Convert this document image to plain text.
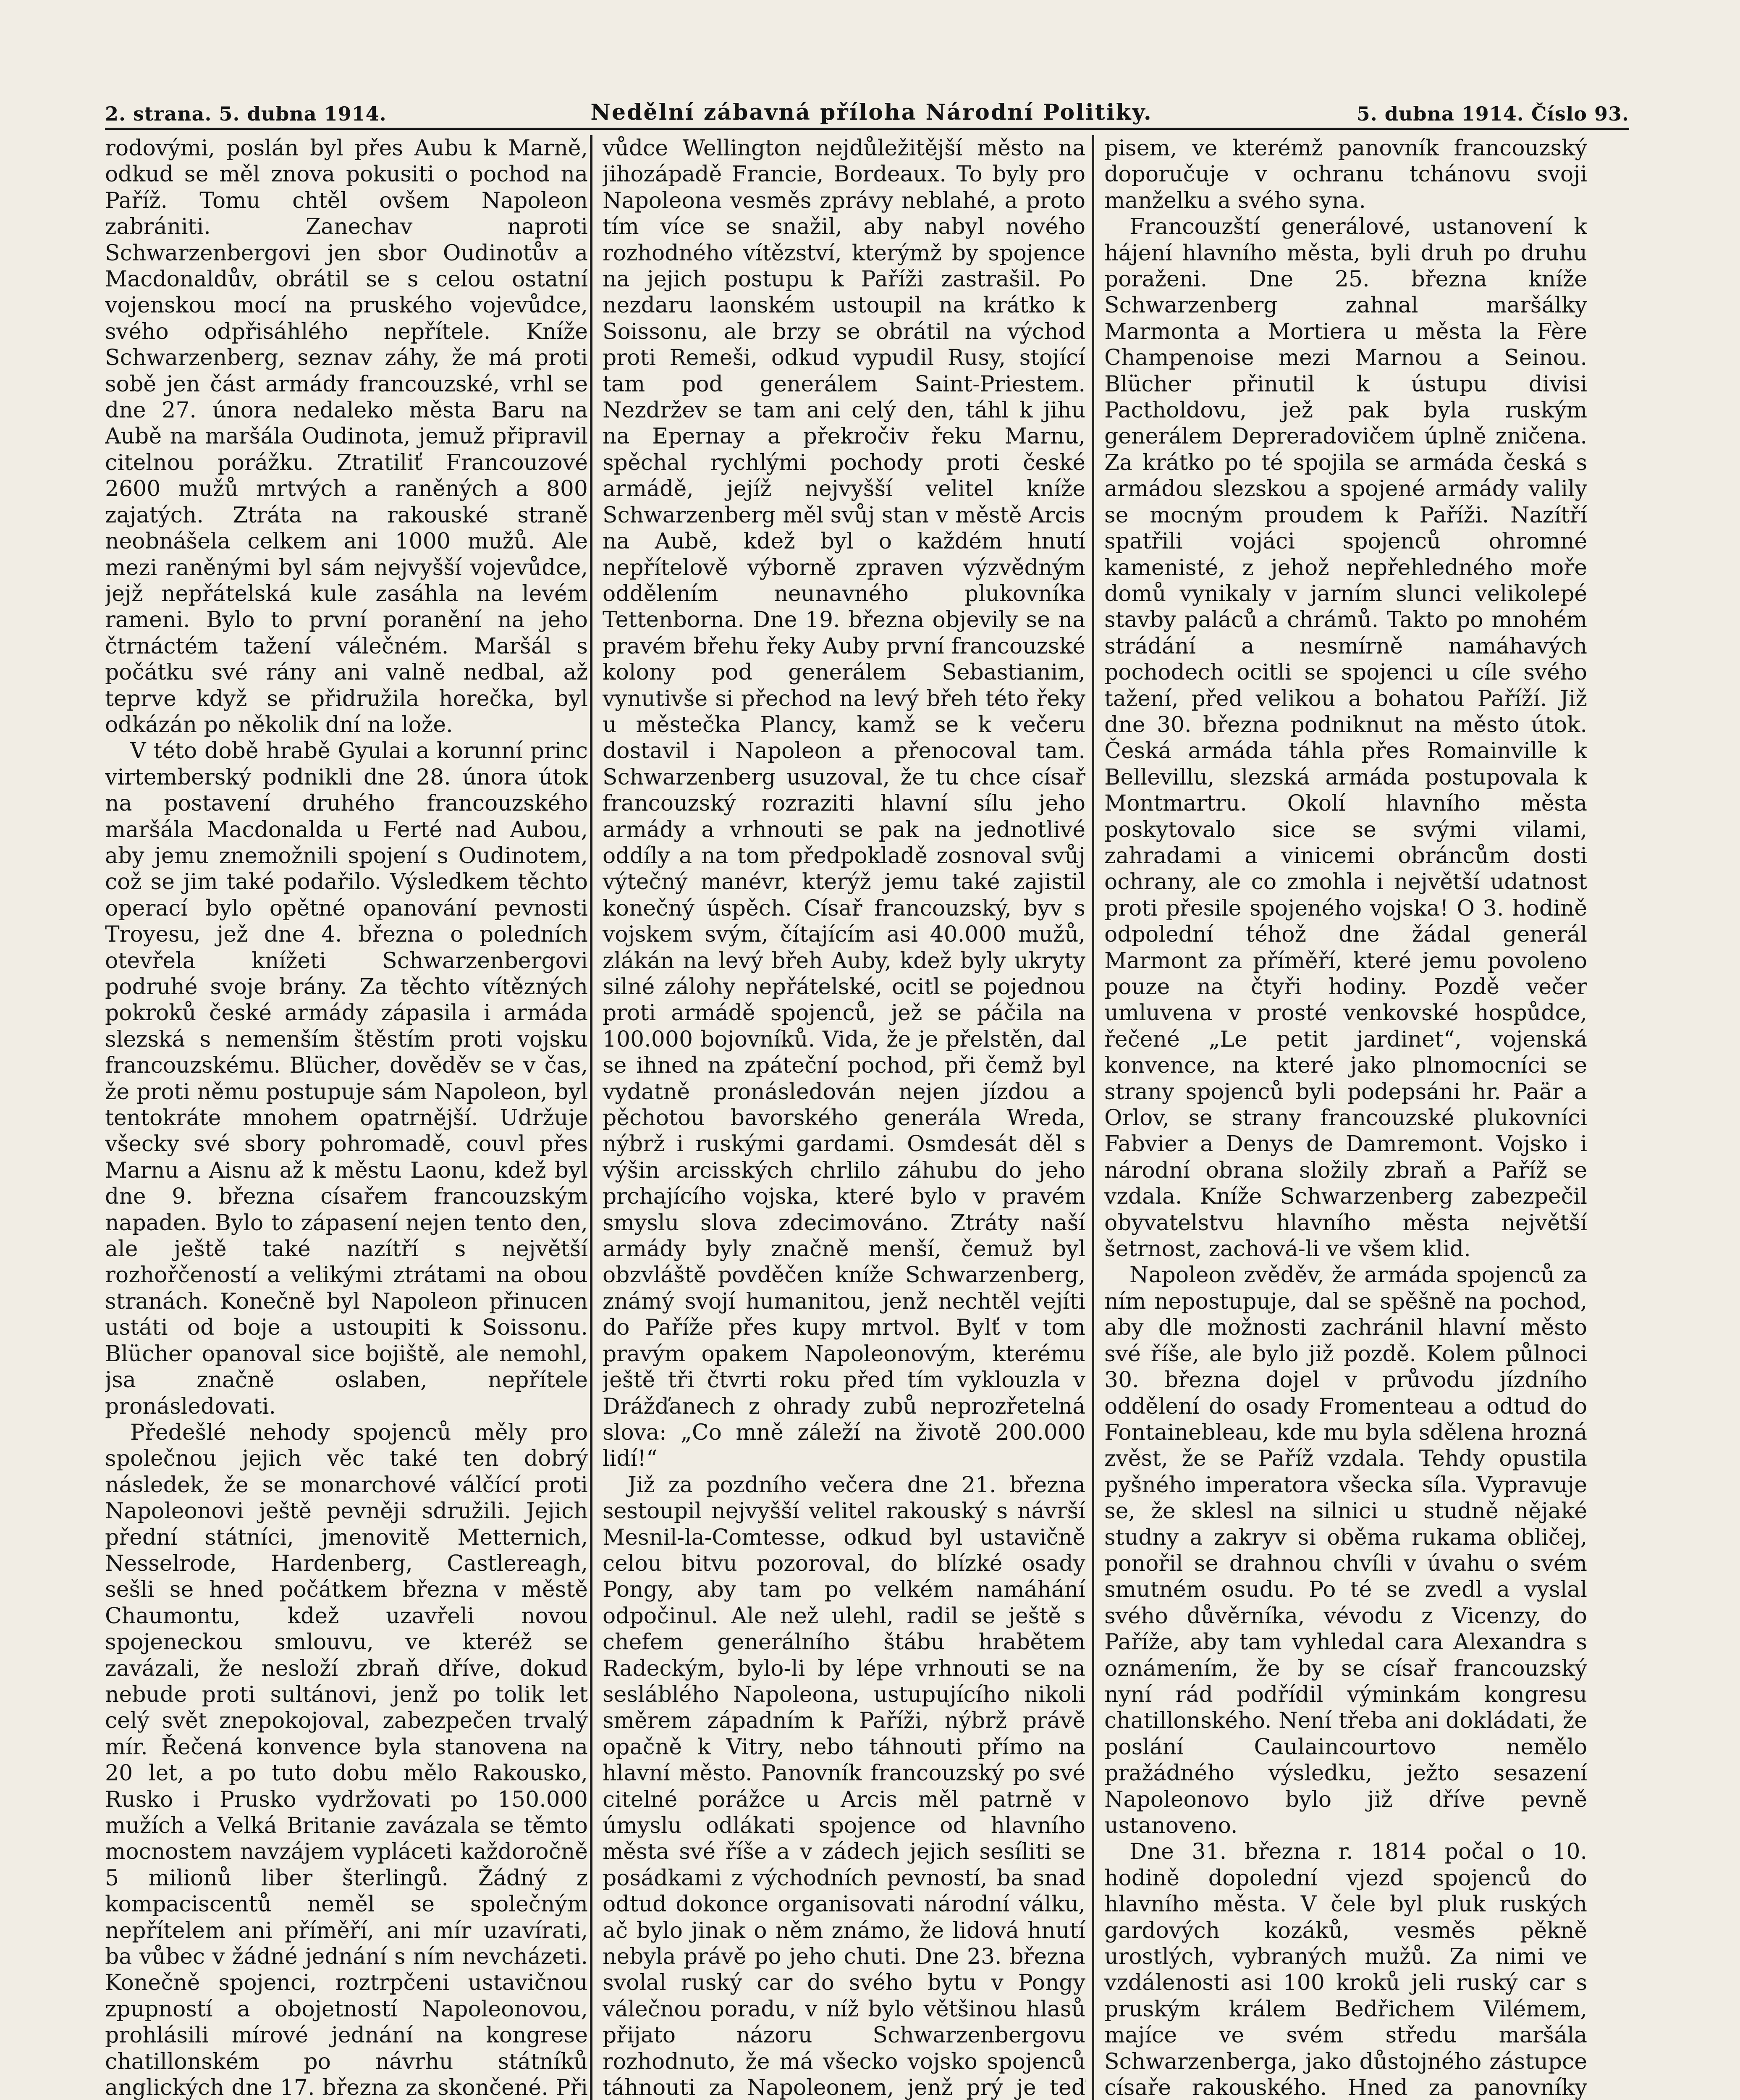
2. strana. 5. dubna 1914.	Nedělní zábavná příloha Národní Politiky.	5. dubna 1914. Číslo 93.

rodovými, poslán byl přes Aubu k Marně, odkud se měl znova pokusiti o pochod na Paříž. Tomu chtěl ovšem Napoleon zabrániti. Zanechav naproti Schwarzenbergovi jen sbor Oudinotův a Macdonaldův, obrátil se s celou ostatní vojenskou mocí na pruského vojevůdce, svého odpřisáhlého nepřítele. Kníže Schwarzenberg, seznav záhy, že má proti sobě jen část armády francouzské, vrhl se dne 27. února nedaleko města Baru na Aubě na maršála Oudinota, jemuž připravil citelnou porážku. Ztratiliť Francouzové 2600 mužů mrtvých a raněných a 800 zajatých. Ztráta na rakouské straně neobnášela celkem ani 1000 mužů. Ale mezi raněnými byl sám nejvyšší vojevůdce, jejž nepřátelská kule zasáhla na levém rameni. Bylo to první poranění na jeho čtrnáctém tažení válečném. Maršál s počátku své rány ani valně nedbal, až teprve když se přidružila horečka, byl odkázán po několik dní na lože.

V této době hrabě Gyulai a korunní princ virtemberský podnikli dne 28. února útok na postavení druhého francouzského maršála Macdonalda u Ferté nad Aubou, aby jemu znemožnili spojení s Oudinotem, což se jim také podařilo. Výsledkem těchto operací bylo opětné opanování pevnosti Troyesu, jež dne 4. března o poledních otevřela knížeti Schwarzenbergovi podruhé svoje brány. Za těchto vítězných pokroků české armády zápasila i armáda slezská s nemenším štěstím proti vojsku francouzskému. Blücher, dověděv se v čas, že proti němu postupuje sám Napoleon, byl tentokráte mnohem opatrnější. Udržuje všecky své sbory pohromadě, couvl přes Marnu a Aisnu až k městu Laonu, kdež byl dne 9. března císařem francouzským napaden. Bylo to zápasení nejen tento den, ale ještě také nazítří s největší rozhořčeností a velikými ztrátami na obou stranách. Konečně byl Napoleon přinucen ustáti od boje a ustoupiti k Soissonu. Blücher opanoval sice bojiště, ale nemohl, jsa značně oslaben, nepřítele pronásledovati.

Předešlé nehody spojenců měly pro společnou jejich věc také ten dobrý následek, že se monarchové válčící proti Napoleonovi ještě pevněji sdružili. Jejich přední státníci, jmenovitě Metternich, Nesselrode, Hardenberg, Castlereagh, sešli se hned počátkem března v městě Chaumontu, kdež uzavřeli novou spojeneckou smlouvu, ve kteréž se zavázali, že nesloží zbraň dříve, dokud nebude proti sultánovi, jenž po tolik let celý svět znepokojoval, zabezpečen trvalý mír. Řečená konvence byla stanovena na 20 let, a po tuto dobu mělo Rakousko, Rusko i Prusko vydržovati po 150.000 mužích a Velká Britanie zavázala se těmto mocnostem navzájem vypláceti každoročně 5 milionů liber šterlingů. Žádný z kompaciscentů neměl se společným nepřítelem ani příměří, ani mír uzavírati, ba vůbec v žádné jednání s ním nevcházeti. Konečně spojenci, roztrpčeni ustavičnou zpupností a obojetností Napoleonovou, prohlásili mírové jednání na kongrese chatillonském po návrhu státníků anglických dne 17. března za skončené. Při

vůdce Wellington nejdůležitější město na jihozápadě Francie, Bordeaux. To byly pro Napoleona vesměs zprávy neblahé, a proto tím více se snažil, aby nabyl nového rozhodného vítězství, kterýmž by spojence na jejich postupu k Paříži zastrašil. Po nezdaru laonském ustoupil na krátko k Soissonu, ale brzy se obrátil na východ proti Remeši, odkud vypudil Rusy, stojící tam pod generálem Saint-Priestem. Nezdržev se tam ani celý den, táhl k jihu na Epernay a překročiv řeku Marnu, spěchal rychlými pochody proti české armádě, jejíž nejvyšší velitel kníže Schwarzenberg měl svůj stan v městě Arcis na Aubě, kdež byl o každém hnutí nepřítelově výborně zpraven výzvědným oddělením neunavného plukovníka Tettenborna. Dne 19. března objevily se na pravém břehu řeky Auby první francouzské kolony pod generálem Sebastianim, vynutivše si přechod na levý břeh této řeky u městečka Plancy, kamž se k večeru dostavil i Napoleon a přenocoval tam. Schwarzenberg usuzoval, že tu chce císař francouzský rozraziti hlavní sílu jeho armády a vrhnouti se pak na jednotlivé oddíly a na tom předpokladě zosnoval svůj výtečný manévr, kterýž jemu také zajistil konečný úspěch. Císař francouzský, byv s vojskem svým, čítajícím asi 40.000 mužů, zlákán na levý břeh Auby, kdež byly ukryty silné zálohy nepřátelské, ocitl se pojednou proti armádě spojenců, jež se páčila na 100.000 bojovníků. Vida, že je přelstěn, dal se ihned na zpáteční pochod, při čemž byl vydatně pronásledován nejen jízdou a pěchotou bavorského generála Wreda, nýbrž i ruskými gardami. Osmdesát děl s výšin arcisských chrlilo záhubu do jeho prchajícího vojska, které bylo v pravém smyslu slova zdecimováno. Ztráty naší armády byly značně menší, čemuž byl obzvláště povděčen kníže Schwarzenberg, známý svojí humanitou, jenž nechtěl vejíti do Paříže přes kupy mrtvol. Bylť v tom pravým opakem Napoleonovým, kterému ještě tři čtvrti roku před tím vyklouzla v Drážďanech z ohrady zubů neprozřetelná slova: „Co mně záleží na životě 200.000 lidí!“

Již za pozdního večera dne 21. března sestoupil nejvyšší velitel rakouský s návrší Mesnil-la-Comtesse, odkud byl ustavičně celou bitvu pozoroval, do blízké osady Pongy, aby tam po velkém namáhání odpočinul. Ale než ulehl, radil se ještě s chefem generálního štábu hrabětem Radeckým, bylo-li by lépe vrhnouti se na sesláblého Napoleona, ustupujícího nikoli směrem západním k Paříži, nýbrž právě opačně k Vitry, nebo táhnouti přímo na hlavní město. Panovník francouzský po své citelné porážce u Arcis měl patrně v úmyslu odlákati spojence od hlavního města své říše a v zádech jejich sesíliti se posádkami z východních pevností, ba snad odtud dokonce organisovati národní válku, ač bylo jinak o něm známo, že lidová hnutí nebyla právě po jeho chuti. Dne 23. března svolal ruský car do svého bytu v Pongy válečnou poradu, v níž bylo většinou hlasů přijato názoru Schwarzenbergovu rozhodnuto, že má všecko vojsko spojenců táhnouti za Napoleonem, jenž prý je teď

pisem, ve kterémž panovník francouzský doporučuje v ochranu tchánovu svoji manželku a svého syna.

Francouzští generálové, ustanovení k hájení hlavního města, byli druh po druhu poraženi. Dne 25. března kníže Schwarzenberg zahnal maršálky Marmonta a Mortiera u města la Fère Champenoise mezi Marnou a Seinou. Blücher přinutil k ústupu divisi Pactholdovu, jež pak byla ruským generálem Depreradovičem úplně zničena. Za krátko po té spojila se armáda česká s armádou slezskou a spojené armády valily se mocným proudem k Paříži. Nazítří spatřili vojáci spojenců ohromné kamenisté, z jehož nepřehledného moře domů vynikaly v jarním slunci velikolepé stavby paláců a chrámů. Takto po mnohém strádání a nesmírně namáhavých pochodech ocitli se spojenci u cíle svého tažení, před velikou a bohatou Paříží. Již dne 30. března podniknut na město útok. Česká armáda táhla přes Romainville k Bellevillu, slezská armáda postupovala k Montmartru. Okolí hlavního města poskytovalo sice se svými vilami, zahradami a vinicemi obráncům dosti ochrany, ale co zmohla i největší udatnost proti přesile spojeného vojska! O 3. hodině odpolední téhož dne žádal generál Marmont za příměří, které jemu povoleno pouze na čtyři hodiny. Pozdě večer umluvena v prosté venkovské hospůdce, řečené „Le petit jardinet“, vojenská konvence, na které jako plnomocníci se strany spojenců byli podepsáni hr. Paär a Orlov, se strany francouzské plukovníci Fabvier a Denys de Damremont. Vojsko i národní obrana složily zbraň a Paříž se vzdala. Kníže Schwarzenberg zabezpečil obyvatelstvu hlavního města největší šetrnost, zachová-li ve všem klid.

Napoleon zvěděv, že armáda spojenců za ním nepostupuje, dal se spěšně na pochod, aby dle možnosti zachránil hlavní město své říše, ale bylo již pozdě. Kolem půlnoci 30. března dojel v průvodu jízdního oddělení do osady Fromenteau a odtud do Fontainebleau, kde mu byla sdělena hrozná zvěst, že se Paříž vzdala. Tehdy opustila pyšného imperatora všecka síla. Vypravuje se, že sklesl na silnici u studně nějaké studny a zakryv si oběma rukama obličej, ponořil se drahnou chvíli v úvahu o svém smutném osudu. Po té se zvedl a vyslal svého důvěrníka, vévodu z Vicenzy, do Paříže, aby tam vyhledal cara Alexandra s oznámením, že by se císař francouzský nyní rád podřídil výminkám kongresu chatillonského. Není třeba ani dokládati, že poslání Caulaincourtovo nemělo pražádného výsledku, ježto sesazení Napoleonovo bylo již dříve pevně ustanoveno.

Dne 31. března r. 1814 počal o 10. hodině dopolední vjezd spojenců do hlavního města. V čele byl pluk ruských gardových kozáků, vesměs pěkně urostlých, vybraných mužů. Za nimi ve vzdálenosti asi 100 kroků jeli ruský car s pruským králem Bedřichem Vilémem, majíce ve svém středu maršála Schwarzenberga, jako důstojného zástupce císaře rakouského. Hned za panovníky
